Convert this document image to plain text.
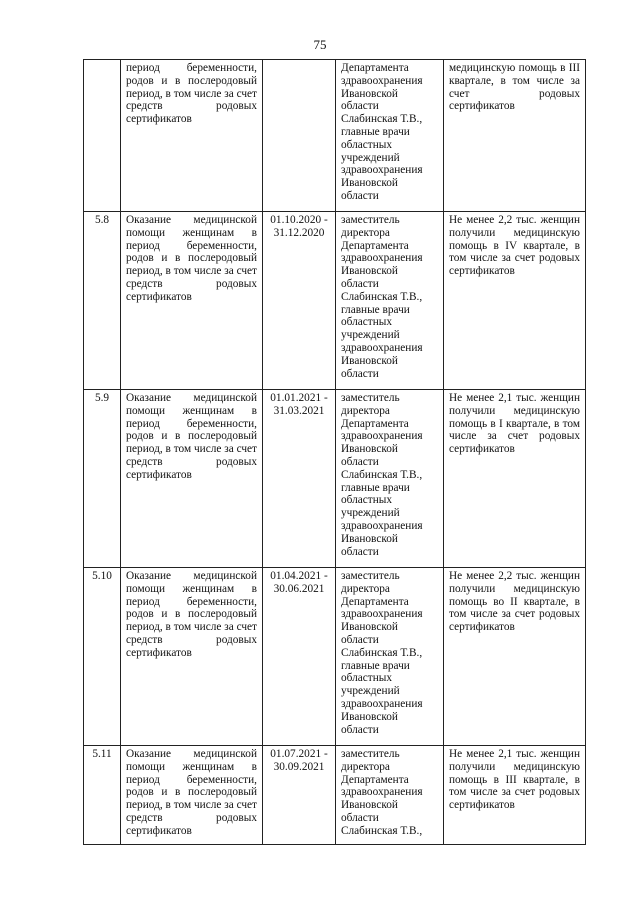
75
	период беременности, родов и в послеродовый период, в том числе за счет средств родовых сертификатов		Департамента здравоохранения Ивановской области Слабинская Т.В., главные врачи областных учреждений здравоохранения Ивановской области	медицинскую помощь в III квартале, в том числе за счет родовых сертификатов
5.8	Оказание медицинской помощи женщинам в период беременности, родов и в послеродовый период, в том числе за счет средств родовых сертификатов	01.10.2020 - 31.12.2020	заместитель директора Департамента здравоохранения Ивановской области Слабинская Т.В., главные врачи областных учреждений здравоохранения Ивановской области	Не менее 2,2 тыс. женщин получили медицинскую помощь в IV квартале, в том числе за счет родовых сертификатов
5.9	Оказание медицинской помощи женщинам в период беременности, родов и в послеродовый период, в том числе за счет средств родовых сертификатов	01.01.2021 - 31.03.2021	заместитель директора Департамента здравоохранения Ивановской области Слабинская Т.В., главные врачи областных учреждений здравоохранения Ивановской области	Не менее 2,1 тыс. женщин получили медицинскую помощь в I квартале, в том числе за счет родовых сертификатов
5.10	Оказание медицинской помощи женщинам в период беременности, родов и в послеродовый период, в том числе за счет средств родовых сертификатов	01.04.2021 - 30.06.2021	заместитель директора Департамента здравоохранения Ивановской области Слабинская Т.В., главные врачи областных учреждений здравоохранения Ивановской области	Не менее 2,2 тыс. женщин получили медицинскую помощь во II квартале, в том числе за счет родовых сертификатов
5.11	Оказание медицинской помощи женщинам в период беременности, родов и в послеродовый период, в том числе за счет средств родовых сертификатов	01.07.2021 - 30.09.2021	заместитель директора Департамента здравоохранения Ивановской области Слабинская Т.В.,	Не менее 2,1 тыс. женщин получили медицинскую помощь в III квартале, в том числе за счет родовых сертификатов
